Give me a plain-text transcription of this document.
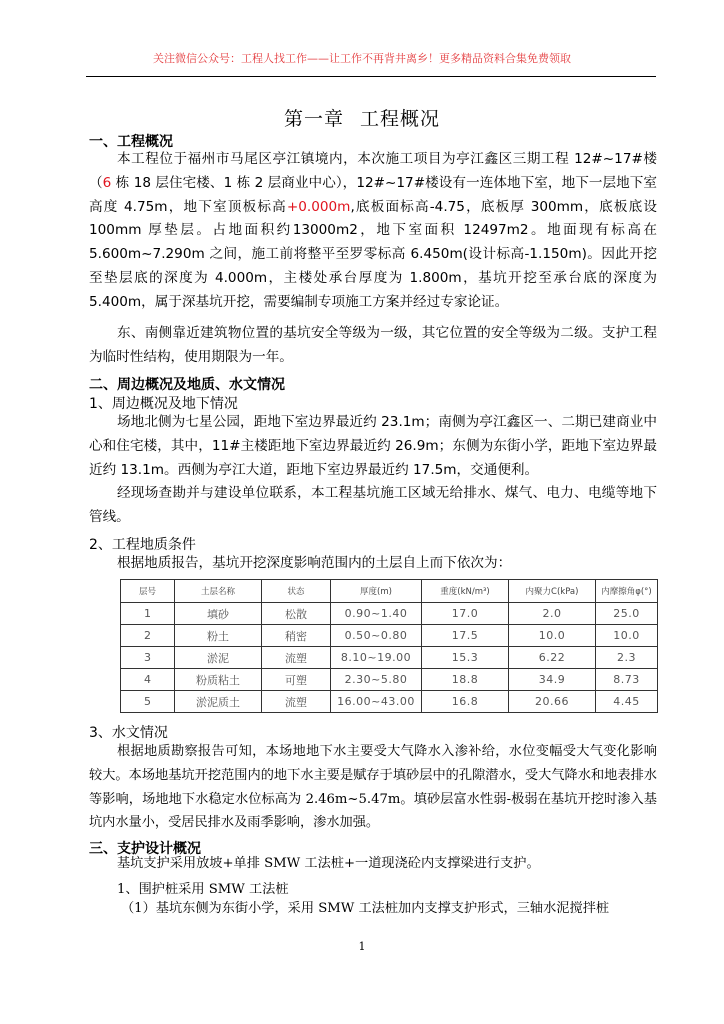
关注微信公众号：工程人找工作——让工作不再背井离乡！更多精品资料合集免费领取
第一章 工程概况
一、工程概况

本工程位于福州市马尾区亭江镇境内，本次施工项目为亭江鑫区三期工程 12#~17#楼（6 栋 18 层住宅楼、1 栋 2 层商业中心），12#~17#楼设有一连体地下室，地下一层地下室高度 4.75m，地下室顶板标高+0.000m,底板面标高-4.75，底板厚 300mm，底板底设 100mm 厚垫层。占地面积约13000m2，地下室面积 12497m2。地面现有标高在 5.600m~7.290m 之间，施工前将整平至罗零标高 6.450m(设计标高-1.150m)。因此开挖至垫层底的深度为 4.000m，主楼处承台厚度为 1.800m，基坑开挖至承台底的深度为 5.400m，属于深基坑开挖，需要编制专项施工方案并经过专家论证。

东、南侧靠近建筑物位置的基坑安全等级为一级，其它位置的安全等级为二级。支护工程为临时性结构，使用期限为一年。

二、周边概况及地质、水文情况
1、周边概况及地下情况

场地北侧为七星公园，距地下室边界最近约 23.1m；南侧为亭江鑫区一、二期已建商业中心和住宅楼，其中，11#主楼距地下室边界最近约 26.9m；东侧为东街小学，距地下室边界最近约 13.1m。西侧为亭江大道，距地下室边界最近约 17.5m，交通便利。

经现场查勘并与建设单位联系，本工程基坑施工区域无给排水、煤气、电力、电缆等地下管线。

2、工程地质条件

根据地质报告，基坑开挖深度影响范围内的土层自上而下依次为：

层号	土层名称	状态	厚度(m)	重度(kN/m³)	内聚力C(kPa)	内摩擦角φ(°)
1	填砂	松散	0.90~1.40	17.0	2.0	25.0
2	粉土	稍密	0.50~0.80	17.5	10.0	10.0
3	淤泥	流塑	8.10~19.00	15.3	6.22	2.3
4	粉质粘土	可塑	2.30~5.80	18.8	34.9	8.73
5	淤泥质土	流塑	16.00~43.00	16.8	20.66	4.45
3、水文情况

根据地质勘察报告可知，本场地地下水主要受大气降水入渗补给，水位变幅受大气变化影响较大。本场地基坑开挖范围内的地下水主要是赋存于填砂层中的孔隙潜水，受大气降水和地表排水等影响，场地地下水稳定水位标高为 2.46m~5.47m。填砂层富水性弱-极弱在基坑开挖时渗入基坑内水量小，受居民排水及雨季影响，渗水加强。

三、支护设计概况

基坑支护采用放坡+单排 SMW 工法桩+一道现浇砼内支撑梁进行支护。

1、围护桩采用 SMW 工法桩

（1）基坑东侧为东街小学，采用 SMW 工法桩加内支撑支护形式，三轴水泥搅拌桩

1
